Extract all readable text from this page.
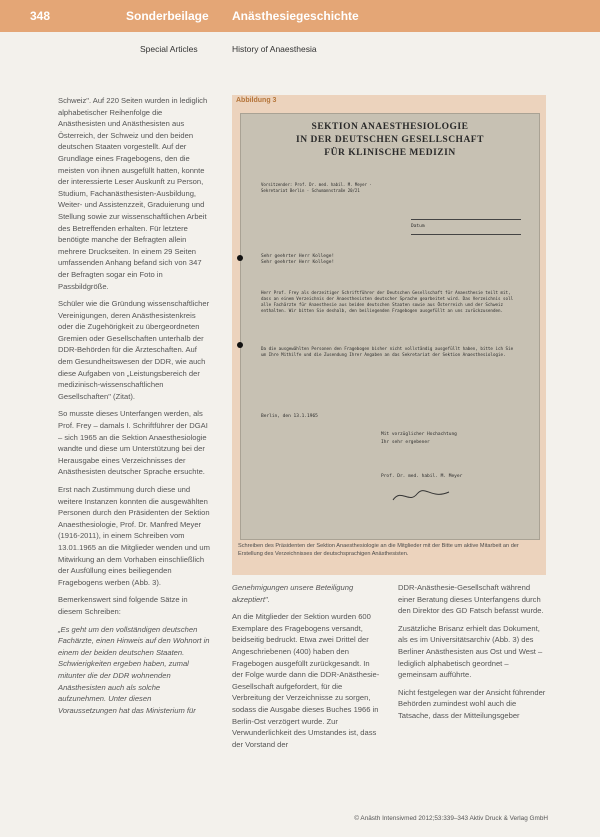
348	Sonderbeilage Anästhesiegeschichte
Special Articles	History of Anaesthesia

Schweiz". Auf 220 Seiten wurden in lediglich alphabetischer Reihenfolge die Anästhesisten und Anästhesisten aus Österreich, der Schweiz und den beiden deutschen Staaten vorgestellt. Auf der Grundlage eines Fragebogens, den die meisten von ihnen ausgefüllt hatten, konnte der interessierte Leser Auskunft zu Person, Studium, Fachanästhesisten-Ausbildung, Weiter- und Assistenzzeit, Graduierung und Stellung sowie zur wissenschaftlichen Arbeit des Betreffenden erhalten. Für letztere benötigte manche der Befragten allein mehrere Druckseiten. In einem 29 Seiten umfassenden Anhang befand sich von 347 der Befragten sogar ein Foto in Passbildgröße.

Schüler wie die Gründung wissenschaftlicher Vereinigungen, deren Anästhesistenkreis oder die Zugehörigkeit zu übergeordneten Gremien oder Gesellschaften unterhalb der DDR-Behörden für die Ärzteschaften. Auf dem Gesundheitswesen der DDR, wie auch diese Aufgaben von „Leistungsbereich der medizinisch-wissenschaftlichen Gesellschaften" (Zitat).

So musste dieses Unterfangen werden, als Prof. Frey – damals I. Schriftführer der DGAI – sich 1965 an die Sektion Anaesthesiologie wandte und diese um Unterstützung bei der Herausgabe eines Verzeichnisses der Anästhesisten deutscher Sprache ersuchte.

Erst nach Zustimmung durch diese und weitere Instanzen konnten die ausgewählten Personen durch den Präsidenten der Sektion Anaesthesiologie, Prof. Dr. Manfred Meyer (1916-2011), in einem Schreiben vom 13.01.1965 an die Mitglieder wenden und um Mitwirkung an dem Vorhaben einschließlich der Ausfüllung eines beiliegenden Fragebogens werben (Abb. 3).

Bemerkenswert sind folgende Sätze in diesem Schreiben:

„Es geht um den vollständigen deutschen Fachärzte, einen Hinweis auf den Wohnort in einem der beiden deutschen Staaten. Schwierigkeiten ergeben haben, zumal mitunter die der DDR wohnenden Anästhesisten auch als solche aufzunehmen. Unter diesen Voraussetzungen hat das Ministerium für

Abbildung 3
SEKTION ANAESTHESIOLOGIE
IN DER DEUTSCHEN GESELLSCHAFT
FÜR KLINISCHE MEDIZIN
Vorsitzender: Prof. Dr. med. habil. M. Meyer · Sekretariat Berlin · Schumannstraße 20/21
Datum
Sehr geehrter Herr Kollege!
Sehr geehrter Herr Kollege!
Herr Prof. Frey als derzeitiger Schriftführer der Deutschen Gesellschaft für Anaesthesie teilt mit, dass an einem Verzeichnis der Anaesthesisten deutscher Sprache gearbeitet wird. Das Verzeichnis soll alle Fachärzte für Anaesthesie aus beiden deutschen Staaten sowie aus Österreich und der Schweiz enthalten. Wir bitten Sie deshalb, den beiliegenden Fragebogen ausgefüllt an uns zurückzusenden.
Da die ausgewählten Personen den Fragebogen bisher nicht vollständig ausgefüllt haben, bitte ich Sie um Ihre Mithilfe und die Zusendung Ihrer Angaben an das Sekretariat der Sektion Anaesthesiologie.
Berlin, den 13.1.1965
Mit vorzüglicher Hochachtung
Ihr sehr ergebener
Prof. Dr. med. habil. M. Meyer
Schreiben des Präsidenten der Sektion Anaesthesiologie an die Mitglieder mit der Bitte um aktive Mitarbeit an der Erstellung des Verzeichnisses der deutschsprachigen Anästhesisten.

Genehmigungen unsere Beteiligung akzeptiert".

An die Mitglieder der Sektion wurden 600 Exemplare des Fragebogens versandt, beidseitig bedruckt. Etwa zwei Drittel der Angeschriebenen (400) haben den Fragebogen ausgefüllt zurückgesandt. In der Folge wurde dann die DDR-Anästhesie-Gesellschaft aufgefordert, für die Verbreitung der Verzeichnisse zu sorgen, sodass die Ausgabe dieses Buches 1966 in Berlin-Ost verzögert wurde. Zur Verwunderlichkeit des Umstandes ist, dass der Vorstand der

DDR-Anästhesie-Gesellschaft während einer Beratung dieses Unterfangens durch den Direktor des GD Fatsch befasst wurde.

Zusätzliche Brisanz erhielt das Dokument, als es im Universitätsarchiv (Abb. 3) des Berliner Anästhesisten aus Ost und West – lediglich alphabetisch geordnet – gemeinsam aufführte.

Nicht festgelegen war der Ansicht führender Behörden zumindest wohl auch die Tatsache, dass der Mitteilungsgeber

© Anästh Intensivmed 2012;53:339–343 Aktiv Druck & Verlag GmbH
